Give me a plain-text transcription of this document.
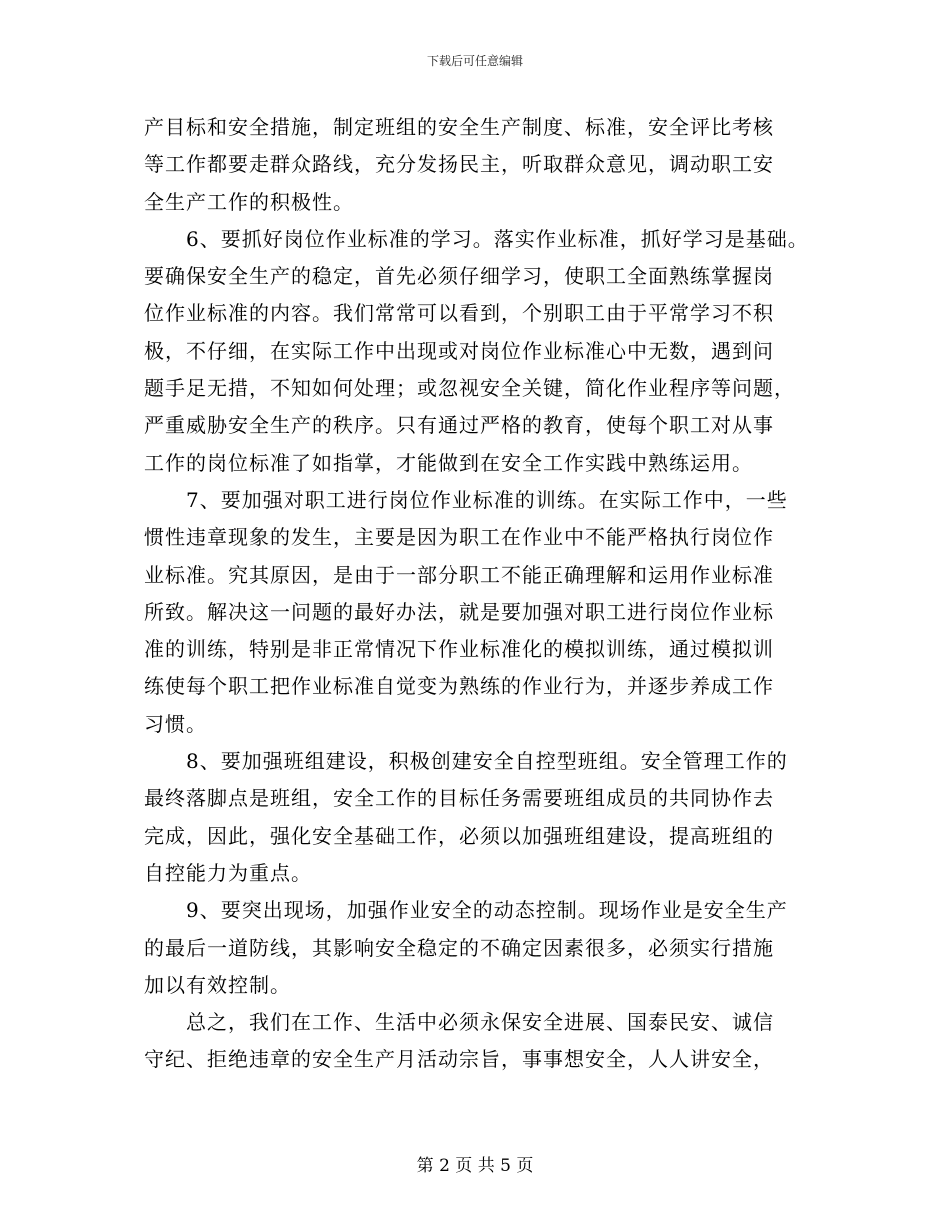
下载后可任意编辑
产目标和安全措施，制定班组的安全生产制度、标准，安全评比考核
等工作都要走群众路线，充分发扬民主，听取群众意见，调动职工安
全生产工作的积极性。
　　6、要抓好岗位作业标准的学习。落实作业标准，抓好学习是基础。
要确保安全生产的稳定，首先必须仔细学习，使职工全面熟练掌握岗
位作业标准的内容。我们常常可以看到，个别职工由于平常学习不积
极，不仔细，在实际工作中出现或对岗位作业标准心中无数，遇到问
题手足无措，不知如何处理；或忽视安全关键，简化作业程序等问题，
严重威胁安全生产的秩序。只有通过严格的教育，使每个职工对从事
工作的岗位标准了如指掌，才能做到在安全工作实践中熟练运用。
　　7、要加强对职工进行岗位作业标准的训练。在实际工作中，一些
惯性违章现象的发生，主要是因为职工在作业中不能严格执行岗位作
业标准。究其原因，是由于一部分职工不能正确理解和运用作业标准
所致。解决这一问题的最好办法，就是要加强对职工进行岗位作业标
准的训练，特别是非正常情况下作业标准化的模拟训练，通过模拟训
练使每个职工把作业标准自觉变为熟练的作业行为，并逐步养成工作
习惯。
　　8、要加强班组建设，积极创建安全自控型班组。安全管理工作的
最终落脚点是班组，安全工作的目标任务需要班组成员的共同协作去
完成，因此，强化安全基础工作，必须以加强班组建设，提高班组的
自控能力为重点。
　　9、要突出现场，加强作业安全的动态控制。现场作业是安全生产
的最后一道防线，其影响安全稳定的不确定因素很多，必须实行措施
加以有效控制。
　　总之，我们在工作、生活中必须永保安全进展、国泰民安、诚信
守纪、拒绝违章的安全生产月活动宗旨，事事想安全，人人讲安全，
第 2 页 共 5 页
